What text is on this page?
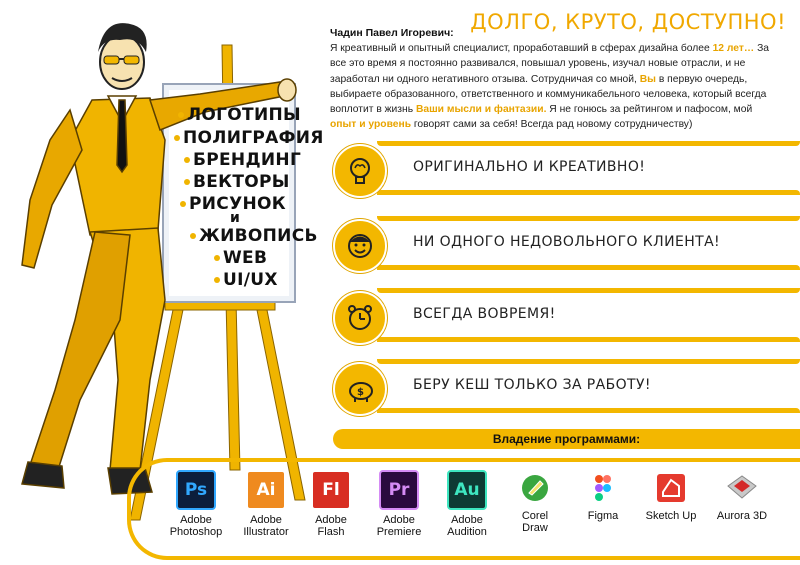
ЛОГОТИПЫ
ПОЛИГРАФИЯ
БРЕНДИНГ
ВЕКТОРЫ
РИСУНОК
и
ЖИВОПИСЬ
WEB
UI/UX
ДОЛГО, КРУТО, ДОСТУПНО!
Чадин Павел Игоревич:
Я креативный и опытный специалист, проработавший в сферах дизайна более 12 лет… За все это время я постоянно развивался, повышал уровень, изучал новые отрасли, и не заработал ни одного негативного отзыва. Сотрудничая со мной, Вы в первую очередь, выбираете образованного, ответственного и коммуникабельного человека, который всегда воплотит в жизнь Ваши мысли и фантазии. Я не гонюсь за рейтингом и пафосом, мой опыт и уровень говорят сами за себя! Всегда рад новому сотрудничеству)
ОРИГИНАЛЬНО И КРЕАТИВНО!
НИ ОДНОГО НЕДОВОЛЬНОГО КЛИЕНТА!
ВСЕГДА ВОВРЕМЯ!
$	БЕРУ КЕШ ТОЛЬКО ЗА РАБОТУ!
Владение программами:
Ps
Adobe
Photoshop
Ai
Adobe
Illustrator
Fl
Adobe
Flash
Pr
Adobe
Premiere
Au
Adobe
Audition
Corel
Draw
Figma	Sketch Up	Aurora 3D
